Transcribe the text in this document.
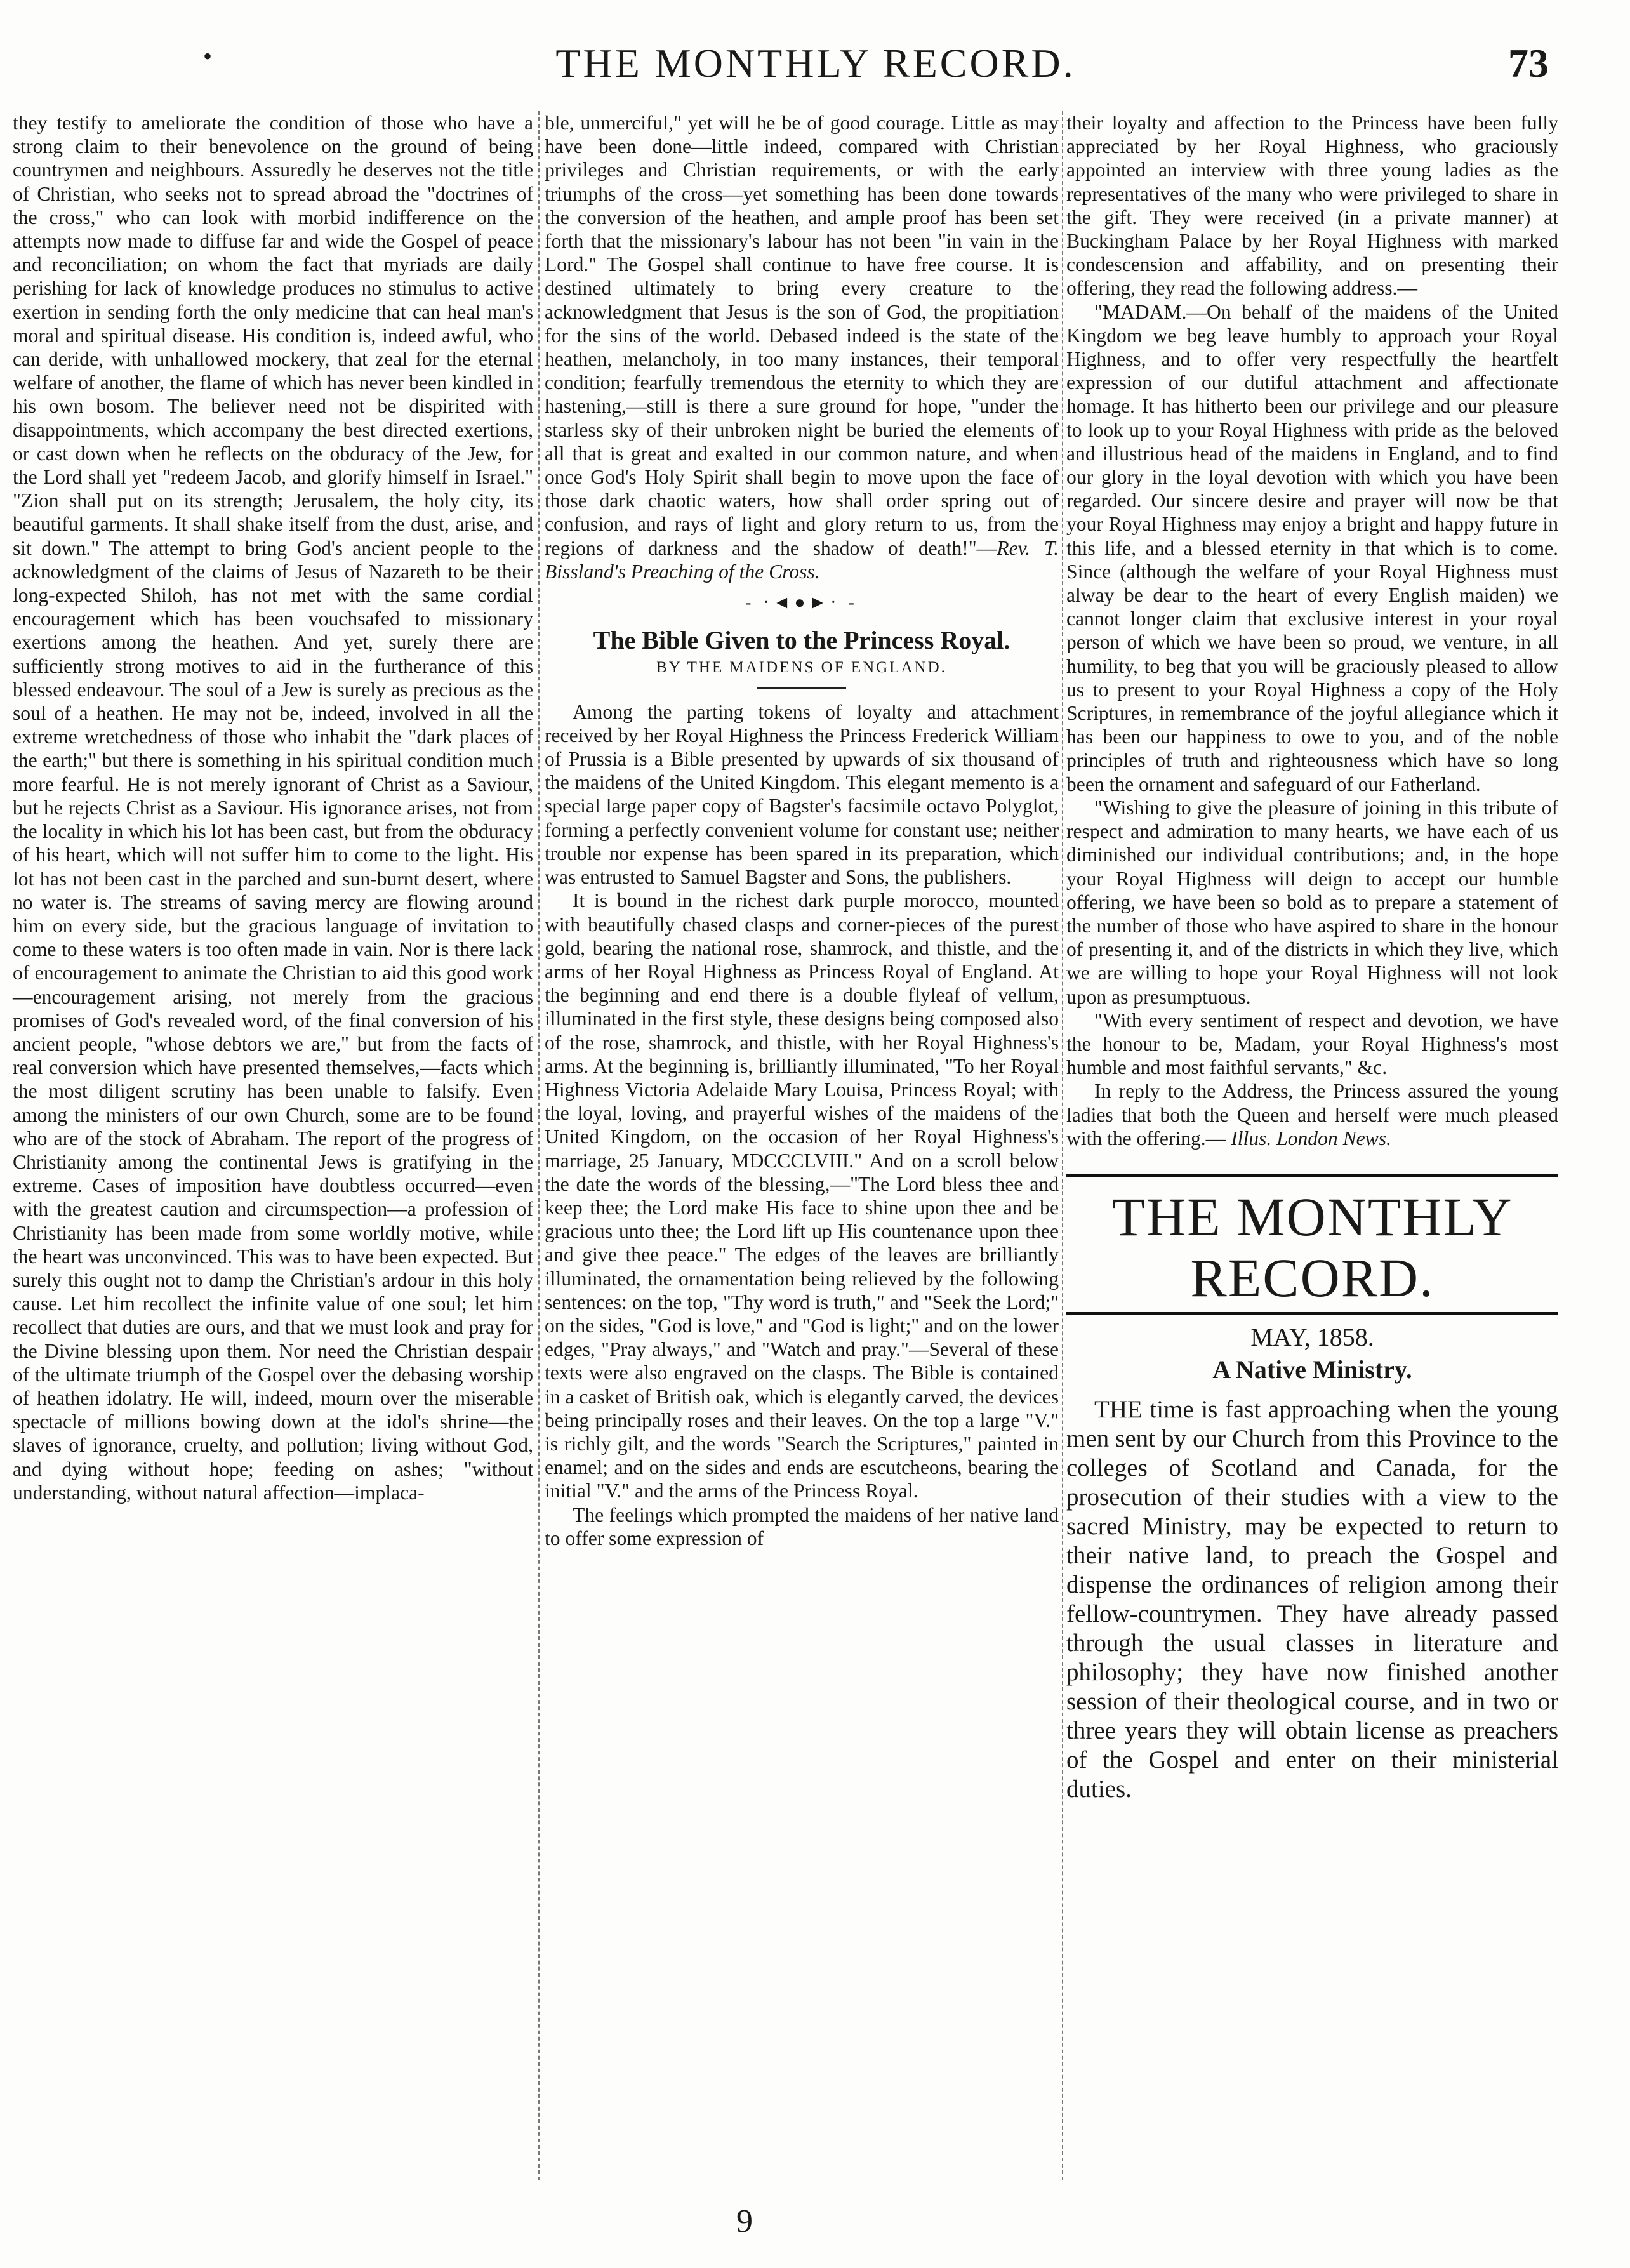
•	THE MONTHLY RECORD.	73

they testify to ameliorate the condition of those who have a strong claim to their benevolence on the ground of being countrymen and neighbours. Assuredly he deserves not the title of Christian, who seeks not to spread abroad the "doctrines of the cross," who can look with morbid indifference on the attempts now made to diffuse far and wide the Gospel of peace and reconciliation; on whom the fact that myriads are daily perishing for lack of knowledge produces no stimulus to active exertion in sending forth the only medicine that can heal man's moral and spiritual disease. His condition is, indeed awful, who can deride, with unhallowed mockery, that zeal for the eternal welfare of another, the flame of which has never been kindled in his own bosom. The believer need not be dispirited with disappointments, which accompany the best directed exertions, or cast down when he reflects on the obduracy of the Jew, for the Lord shall yet "redeem Jacob, and glorify himself in Israel." "Zion shall put on its strength; Jerusalem, the holy city, its beautiful garments. It shall shake itself from the dust, arise, and sit down." The attempt to bring God's ancient people to the acknowledgment of the claims of Jesus of Nazareth to be their long-expected Shiloh, has not met with the same cordial encouragement which has been vouchsafed to missionary exertions among the heathen. And yet, surely there are sufficiently strong motives to aid in the furtherance of this blessed endeavour. The soul of a Jew is surely as precious as the soul of a heathen. He may not be, indeed, involved in all the extreme wretchedness of those who inhabit the "dark places of the earth;" but there is something in his spiritual condition much more fearful. He is not merely ignorant of Christ as a Saviour, but he rejects Christ as a Saviour. His ignorance arises, not from the locality in which his lot has been cast, but from the obduracy of his heart, which will not suffer him to come to the light. His lot has not been cast in the parched and sun-burnt desert, where no water is. The streams of saving mercy are flowing around him on every side, but the gracious language of invitation to come to these waters is too often made in vain. Nor is there lack of encouragement to animate the Christian to aid this good work—encouragement arising, not merely from the gracious promises of God's revealed word, of the final conversion of his ancient people, "whose debtors we are," but from the facts of real conversion which have presented themselves,—facts which the most diligent scrutiny has been unable to falsify. Even among the ministers of our own Church, some are to be found who are of the stock of Abraham. The report of the progress of Christianity among the continental Jews is gratifying in the extreme. Cases of imposition have doubtless occurred—even with the greatest caution and circumspection—a profession of Christianity has been made from some worldly motive, while the heart was unconvinced. This was to have been expected. But surely this ought not to damp the Christian's ardour in this holy cause. Let him recollect the infinite value of one soul; let him recollect that duties are ours, and that we must look and pray for the Divine blessing upon them. Nor need the Christian despair of the ultimate triumph of the Gospel over the debasing worship of heathen idolatry. He will, indeed, mourn over the miserable spectacle of millions bowing down at the idol's shrine—the slaves of ignorance, cruelty, and pollution; living without God, and dying without hope; feeding on ashes; "without understanding, without natural affection—implaca-

ble, unmerciful," yet will he be of good courage. Little as may have been done—little indeed, compared with Christian privileges and Christian requirements, or with the early triumphs of the cross—yet something has been done towards the conversion of the heathen, and ample proof has been set forth that the missionary's labour has not been "in vain in the Lord." The Gospel shall continue to have free course. It is destined ultimately to bring every creature to the acknowledgment that Jesus is the son of God, the propitiation for the sins of the world. Debased indeed is the state of the heathen, melancholy, in too many instances, their temporal condition; fearfully tremendous the eternity to which they are hastening,—still is there a sure ground for hope, "under the starless sky of their unbroken night be buried the elements of all that is great and exalted in our common nature, and when once God's Holy Spirit shall begin to move upon the face of those dark chaotic waters, how shall order spring out of confusion, and rays of light and glory return to us, from the regions of darkness and the shadow of death!"—Rev. T. Bissland's Preaching of the Cross.

- ·◄●►· -
The Bible Given to the Princess Royal.
BY THE MAIDENS OF ENGLAND.

Among the parting tokens of loyalty and attachment received by her Royal Highness the Princess Frederick William of Prussia is a Bible presented by upwards of six thousand of the maidens of the United Kingdom. This elegant memento is a special large paper copy of Bagster's facsimile octavo Polyglot, forming a perfectly convenient volume for constant use; neither trouble nor expense has been spared in its preparation, which was entrusted to Samuel Bagster and Sons, the publishers.

It is bound in the richest dark purple morocco, mounted with beautifully chased clasps and corner-pieces of the purest gold, bearing the national rose, shamrock, and thistle, and the arms of her Royal Highness as Princess Royal of England. At the beginning and end there is a double flyleaf of vellum, illuminated in the first style, these designs being composed also of the rose, shamrock, and thistle, with her Royal Highness's arms. At the beginning is, brilliantly illuminated, "To her Royal Highness Victoria Adelaide Mary Louisa, Princess Royal; with the loyal, loving, and prayerful wishes of the maidens of the United Kingdom, on the occasion of her Royal Highness's marriage, 25 January, MDCCCLVIII." And on a scroll below the date the words of the blessing,—"The Lord bless thee and keep thee; the Lord make His face to shine upon thee and be gracious unto thee; the Lord lift up His countenance upon thee and give thee peace." The edges of the leaves are brilliantly illuminated, the ornamentation being relieved by the following sentences: on the top, "Thy word is truth," and "Seek the Lord;" on the sides, "God is love," and "God is light;" and on the lower edges, "Pray always," and "Watch and pray."—Several of these texts were also engraved on the clasps. The Bible is contained in a casket of British oak, which is elegantly carved, the devices being principally roses and their leaves. On the top a large "V." is richly gilt, and the words "Search the Scriptures," painted in enamel; and on the sides and ends are escutcheons, bearing the initial "V." and the arms of the Princess Royal.

The feelings which prompted the maidens of her native land to offer some expression of

their loyalty and affection to the Princess have been fully appreciated by her Royal Highness, who graciously appointed an interview with three young ladies as the representatives of the many who were privileged to share in the gift. They were received (in a private manner) at Buckingham Palace by her Royal Highness with marked condescension and affability, and on presenting their offering, they read the following address.—

"MADAM.—On behalf of the maidens of the United Kingdom we beg leave humbly to approach your Royal Highness, and to offer very respectfully the heartfelt expression of our dutiful attachment and affectionate homage. It has hitherto been our privilege and our pleasure to look up to your Royal Highness with pride as the beloved and illustrious head of the maidens in England, and to find our glory in the loyal devotion with which you have been regarded. Our sincere desire and prayer will now be that your Royal Highness may enjoy a bright and happy future in this life, and a blessed eternity in that which is to come. Since (although the welfare of your Royal Highness must alway be dear to the heart of every English maiden) we cannot longer claim that exclusive interest in your royal person of which we have been so proud, we venture, in all humility, to beg that you will be graciously pleased to allow us to present to your Royal Highness a copy of the Holy Scriptures, in remembrance of the joyful allegiance which it has been our happiness to owe to you, and of the noble principles of truth and righteousness which have so long been the ornament and safeguard of our Fatherland.

"Wishing to give the pleasure of joining in this tribute of respect and admiration to many hearts, we have each of us diminished our individual contributions; and, in the hope your Royal Highness will deign to accept our humble offering, we have been so bold as to prepare a statement of the number of those who have aspired to share in the honour of presenting it, and of the districts in which they live, which we are willing to hope your Royal Highness will not look upon as presumptuous.

"With every sentiment of respect and devotion, we have the honour to be, Madam, your Royal Highness's most humble and most faithful servants," &c.

In reply to the Address, the Princess assured the young ladies that both the Queen and herself were much pleased with the offering.— Illus. London News.

THE MONTHLY RECORD.
MAY, 1858.
A Native Ministry.

THE time is fast approaching when the young men sent by our Church from this Province to the colleges of Scotland and Canada, for the prosecution of their studies with a view to the sacred Ministry, may be expected to return to their native land, to preach the Gospel and dispense the ordinances of religion among their fellow-countrymen. They have already passed through the usual classes in literature and philosophy; they have now finished another session of their theological course, and in two or three years they will obtain license as preachers of the Gospel and enter on their ministerial duties.

9
